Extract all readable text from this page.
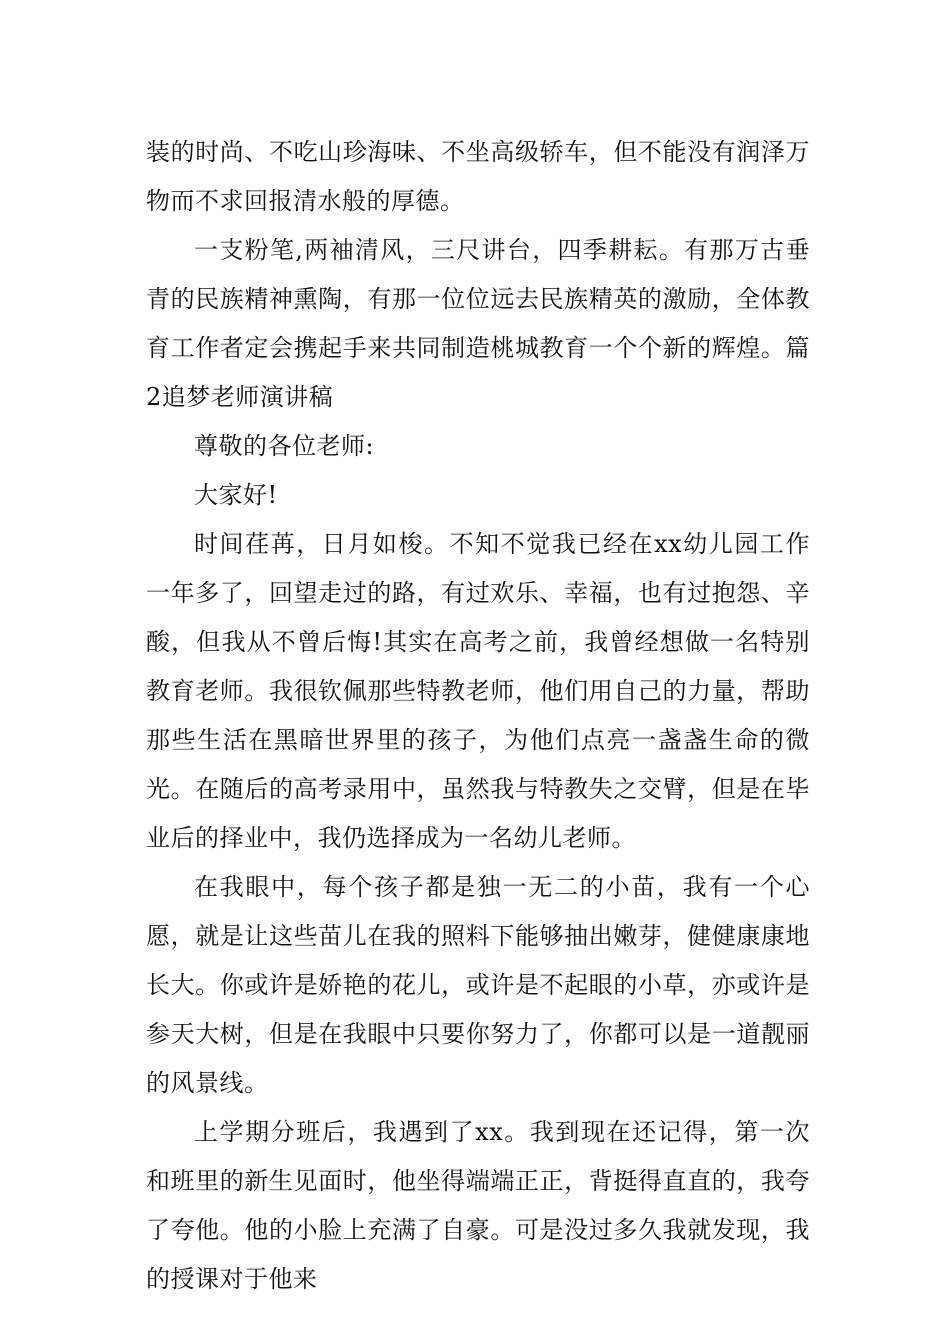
装的时尚、不吃山珍海味、不坐高级轿车，但不能没有润泽万物而不求回报清水般的厚德。

一支粉笔,两袖清风，三尺讲台，四季耕耘。有那万古垂青的民族精神熏陶，有那一位位远去民族精英的激励，全体教育工作者定会携起手来共同制造桃城教育一个个新的辉煌。篇2追梦老师演讲稿

尊敬的各位老师:

大家好!

时间荏苒，日月如梭。不知不觉我已经在xx幼儿园工作一年多了，回望走过的路，有过欢乐、幸福，也有过抱怨、辛酸，但我从不曾后悔!其实在高考之前，我曾经想做一名特别教育老师。我很钦佩那些特教老师，他们用自己的力量，帮助那些生活在黑暗世界里的孩子，为他们点亮一盏盏生命的微光。在随后的高考录用中，虽然我与特教失之交臂，但是在毕业后的择业中，我仍选择成为一名幼儿老师。

在我眼中，每个孩子都是独一无二的小苗，我有一个心愿，就是让这些苗儿在我的照料下能够抽出嫩芽，健健康康地长大。你或许是娇艳的花儿，或许是不起眼的小草，亦或许是参天大树，但是在我眼中只要你努力了，你都可以是一道靓丽的风景线。

上学期分班后，我遇到了xx。我到现在还记得，第一次和班里的新生见面时，他坐得端端正正，背挺得直直的，我夸了夸他。他的小脸上充满了自豪。可是没过多久我就发现，我的授课对于他来
